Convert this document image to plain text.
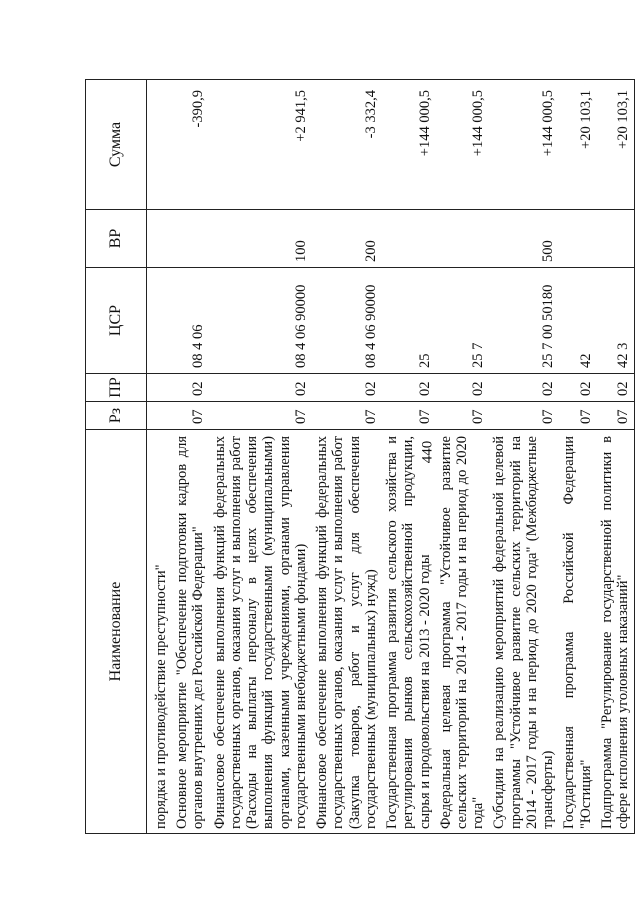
440
Наименование	Рз	ПР	ЦСР	ВР	Сумма
порядка и противодействие преступности"					
Основное мероприятие "Обеспечение подготовки кадров для органов внутренних дел Российской Федерации"	07	02	08 4 06		-390,9
Финансовое обеспечение выполнения функций федеральных государственных органов, оказания услуг и выполнения работ (Расходы на выплаты персоналу в целях обеспечения выполнения функций государственными (муниципальными) органами, казенными учреждениями, органами управления государственными внебюджетными фондами)	07	02	08 4 06 90000	100	+2 941,5
Финансовое обеспечение выполнения функций федеральных государственных органов, оказания услуг и выполнения работ (Закупка товаров, работ и услуг для обеспечения государственных (муниципальных) нужд)	07	02	08 4 06 90000	200	-3 332,4
Государственная программа развития сельского хозяйства и регулирования рынков сельскохозяйственной продукции, сырья и продовольствия на 2013 - 2020 годы	07	02	25		+144 000,5
Федеральная целевая программа "Устойчивое развитие сельских территорий на 2014 - 2017 годы и на период до 2020 года"	07	02	25 7		+144 000,5
Субсидии на реализацию мероприятий федеральной целевой программы "Устойчивое развитие сельских территорий на 2014 - 2017 годы и на период до 2020 года" (Межбюджетные трансферты)	07	02	25 7 00 50180	500	+144 000,5
Государственная программа Российской Федерации "Юстиция"	07	02	42		+20 103,1
Подпрограмма "Регулирование государственной политики в сфере исполнения уголовных наказаний"	07	02	42 3		+20 103,1
